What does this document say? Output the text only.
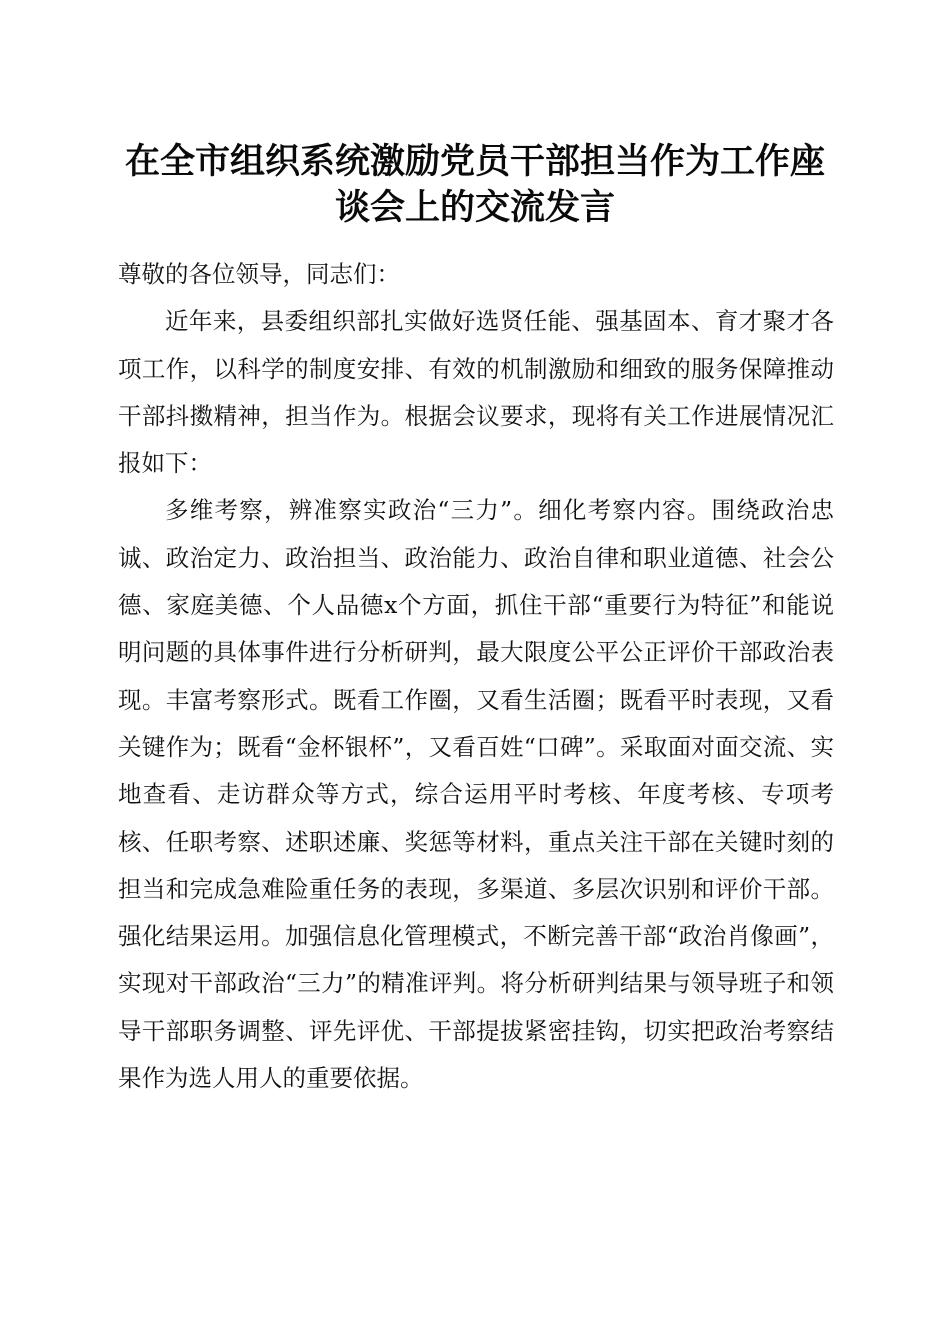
在全市组织系统激励党员干部担当作为工作座
谈会上的交流发言

尊敬的各位领导，同志们：

近年来，县委组织部扎实做好选贤任能、强基固本、育才聚才各项工作，以科学的制度安排、有效的机制激励和细致的服务保障推动干部抖擞精神，担当作为。根据会议要求，现将有关工作进展情况汇报如下：

多维考察，辨准察实政治“三力”。细化考察内容。围绕政治忠诚、政治定力、政治担当、政治能力、政治自律和职业道德、社会公德、家庭美德、个人品德x个方面，抓住干部“重要行为特征”和能说明问题的具体事件进行分析研判，最大限度公平公正评价干部政治表现。丰富考察形式。既看工作圈，又看生活圈；既看平时表现，又看关键作为；既看“金杯银杯”，又看百姓“口碑”。采取面对面交流、实地查看、走访群众等方式，综合运用平时考核、年度考核、专项考核、任职考察、述职述廉、奖惩等材料，重点关注干部在关键时刻的担当和完成急难险重任务的表现，多渠道、多层次识别和评价干部。强化结果运用。加强信息化管理模式，不断完善干部“政治肖像画”，实现对干部政治“三力”的精准评判。将分析研判结果与领导班子和领导干部职务调整、评先评优、干部提拔紧密挂钩，切实把政治考察结果作为选人用人的重要依据。
